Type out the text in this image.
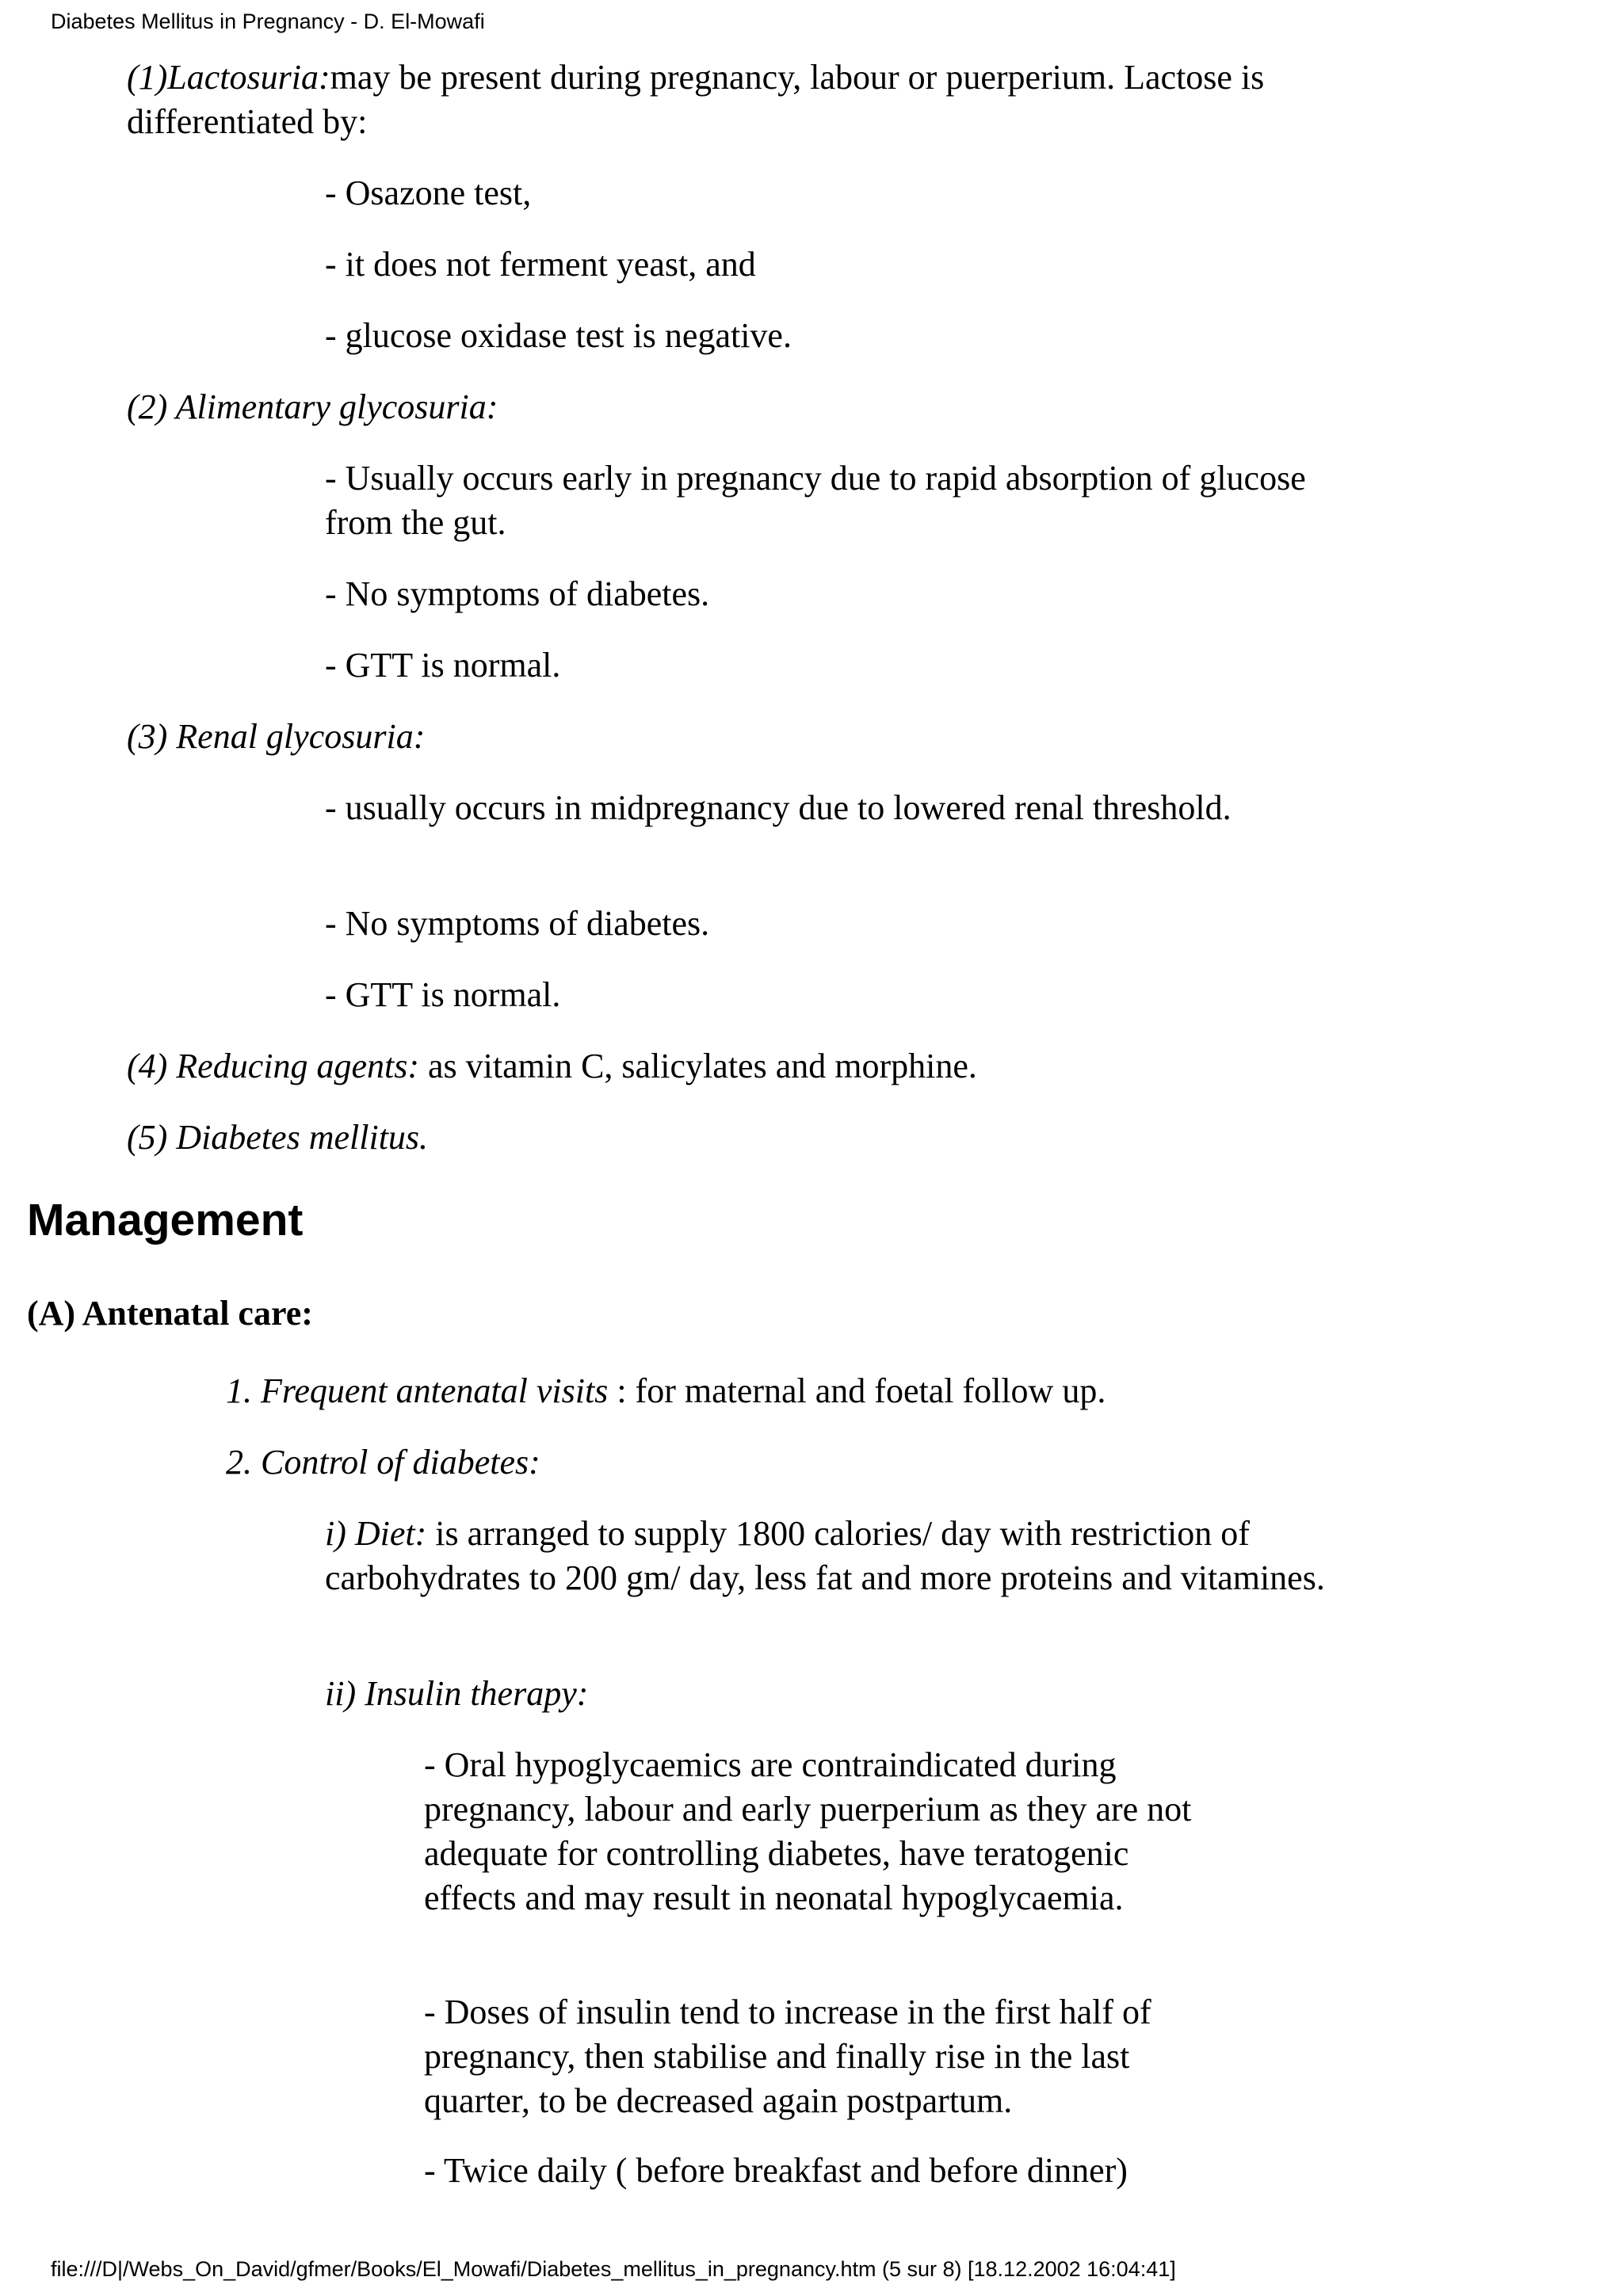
Diabetes Mellitus in Pregnancy - D. El-Mowafi

(1)Lactosuria:may be present during pregnancy, labour or puerperium. Lactose is differentiated by:

- Osazone test,

- it does not ferment yeast, and

- glucose oxidase test is negative.

(2) Alimentary glycosuria:

- Usually occurs early in pregnancy due to rapid absorption of glucose from the gut.

- No symptoms of diabetes.

- GTT is normal.

(3) Renal glycosuria:

- usually occurs in midpregnancy due to lowered renal threshold.

- No symptoms of diabetes.

- GTT is normal.

(4) Reducing agents: as vitamin C, salicylates and morphine.

(5) Diabetes mellitus.

Management
(A) Antenatal care:

1. Frequent antenatal visits : for maternal and foetal follow up.

2. Control of diabetes:

i) Diet: is arranged to supply 1800 calories/ day with restriction of carbohydrates to 200 gm/ day, less fat and more proteins and vitamines.

ii) Insulin therapy:

- Oral hypoglycaemics are contraindicated during pregnancy, labour and early puerperium as they are not adequate for controlling diabetes, have teratogenic effects and may result in neonatal hypoglycaemia.

- Doses of insulin tend to increase in the first half of pregnancy, then stabilise and finally rise in the last quarter, to be decreased again postpartum.

- Twice daily ( before breakfast and before dinner)

file:///D|/Webs_On_David/gfmer/Books/El_Mowafi/Diabetes_mellitus_in_pregnancy.htm (5 sur 8) [18.12.2002 16:04:41]
